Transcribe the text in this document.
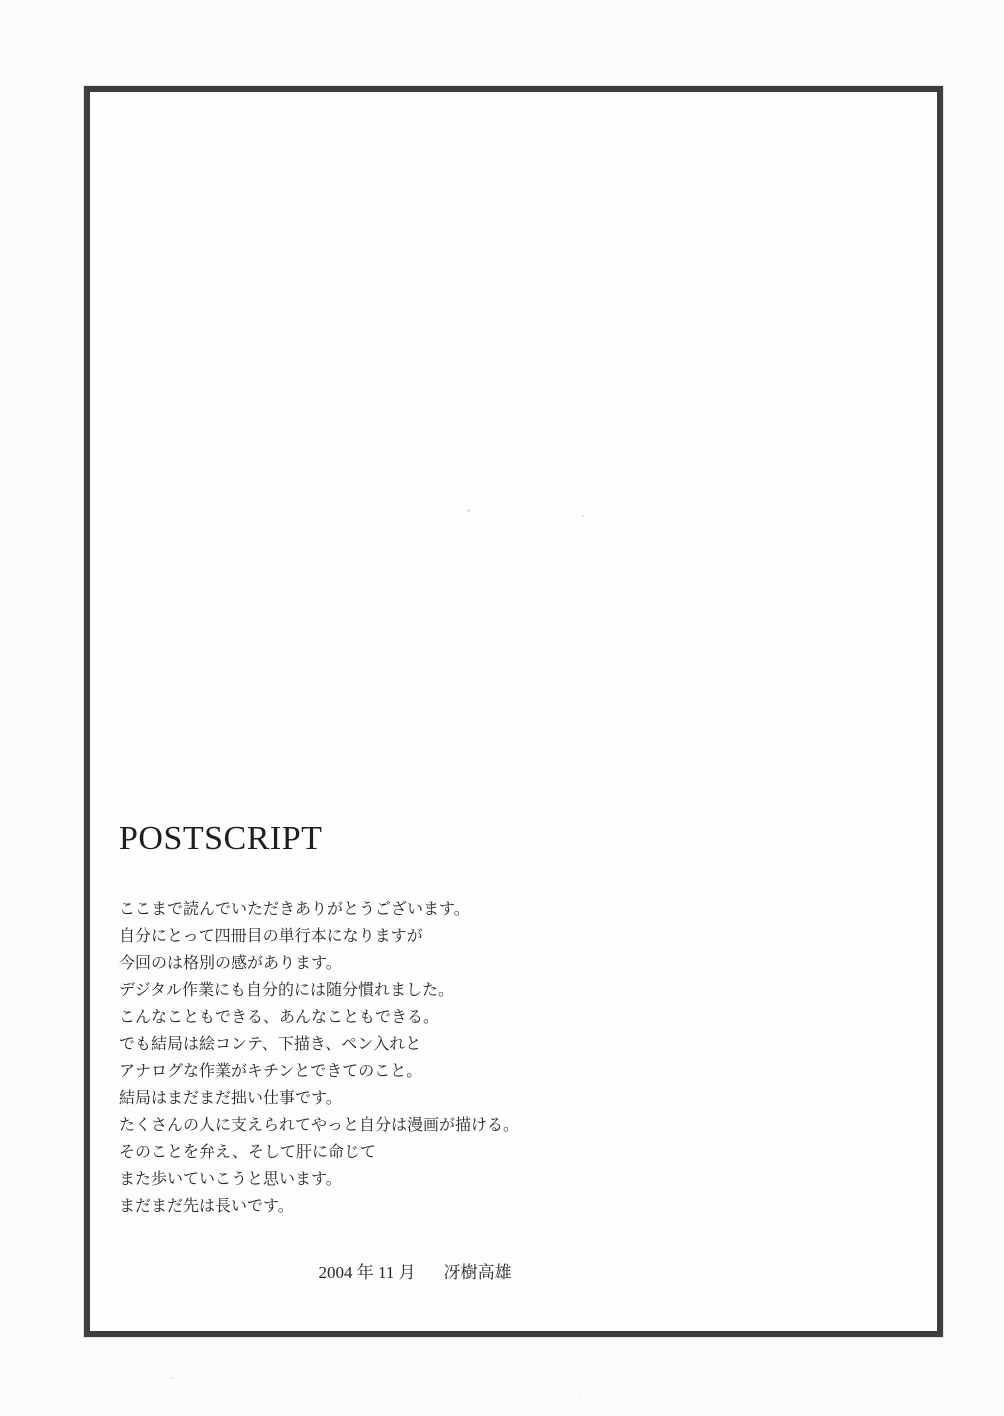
POSTSCRIPT
ここまで読んでいただきありがとうございます。
自分にとって四冊目の単行本になりますが
今回のは格別の感があります。
デジタル作業にも自分的には随分慣れました。
こんなこともできる、あんなこともできる。
でも結局は絵コンテ、下描き、ペン入れと
アナログな作業がキチンとできてのこと。
結局はまだまだ拙い仕事です。
たくさんの人に支えられてやっと自分は漫画が描ける。
そのことを弁え、そして肝に命じて
また歩いていこうと思います。
まだまだ先は長いです。

2004 年 11 月 冴樹高雄
